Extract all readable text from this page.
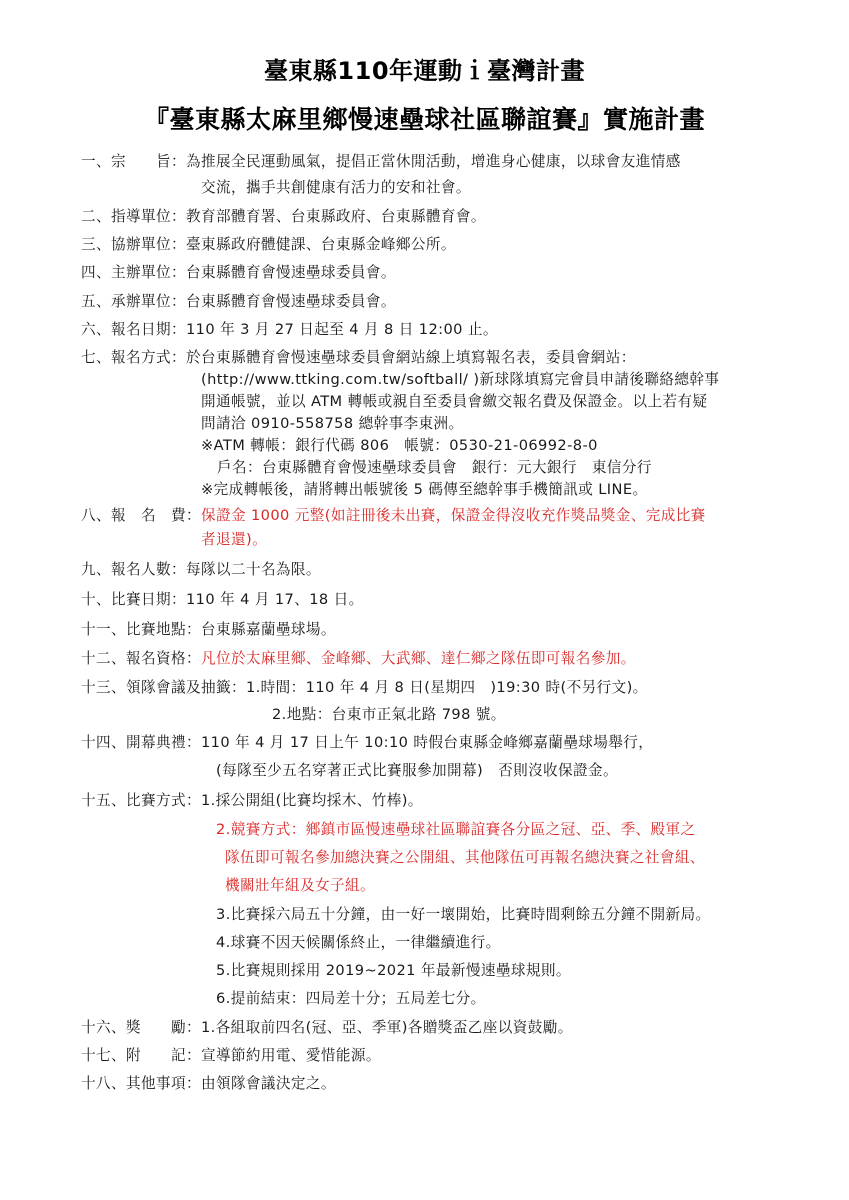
臺東縣110年運動ｉ臺灣計畫
『臺東縣太麻里鄉慢速壘球社區聯誼賽』實施計畫
一、宗　　旨：為推展全民運動風氣，提倡正當休閒活動，增進身心健康，以球會友進情感
交流，攜手共創健康有活力的安和社會。
二、指導單位：教育部體育署、台東縣政府、台東縣體育會。
三、協辦單位：臺東縣政府體健課、台東縣金峰鄉公所。
四、主辦單位：台東縣體育會慢速壘球委員會。
五、承辦單位：台東縣體育會慢速壘球委員會。
六、報名日期：110 年 3 月 27 日起至 4 月 8 日 12:00 止。
七、報名方式：於台東縣體育會慢速壘球委員會網站線上填寫報名表，委員會網站：
(http://www.ttking.com.tw/softball/ )新球隊填寫完會員申請後聯絡總幹事
開通帳號，並以 ATM 轉帳或親自至委員會繳交報名費及保證金。以上若有疑
問請洽 0910-558758 總幹事李東洲。
※ATM 轉帳：銀行代碼 806　帳號：0530-21-06992-8-0
戶名：台東縣體育會慢速壘球委員會　銀行：元大銀行　東信分行
※完成轉帳後，請將轉出帳號後 5 碼傳至總幹事手機簡訊或 LINE。
八、報　名　費：保證金 1000 元整(如註冊後未出賽，保證金得沒收充作獎品獎金、完成比賽
者退還)。
九、報名人數：每隊以二十名為限。
十、比賽日期：110 年 4 月 17、18 日。
十一、比賽地點：台東縣嘉蘭壘球場。
十二、報名資格：凡位於太麻里鄉、金峰鄉、大武鄉、達仁鄉之隊伍即可報名參加。
十三、領隊會議及抽籤：1.時間：110 年 4 月 8 日(星期四　)19:30 時(不另行文)。
2.地點：台東市正氣北路 798 號。
十四、開幕典禮：110 年 4 月 17 日上午 10:10 時假台東縣金峰鄉嘉蘭壘球場舉行，
(每隊至少五名穿著正式比賽服參加開幕)　否則沒收保證金。
十五、比賽方式：1.採公開組(比賽均採木、竹棒)。
2.競賽方式：鄉鎮市區慢速壘球社區聯誼賽各分區之冠、亞、季、殿軍之
隊伍即可報名參加總決賽之公開組、其他隊伍可再報名總決賽之社會組、
機關壯年組及女子組。
3.比賽採六局五十分鐘，由一好一壞開始，比賽時間剩餘五分鐘不開新局。
4.球賽不因天候關係終止，一律繼續進行。
5.比賽規則採用 2019~2021 年最新慢速壘球規則。
6.提前結束：四局差十分；五局差七分。
十六、獎　　勵：1.各組取前四名(冠、亞、季軍)各贈獎盃乙座以資鼓勵。
十七、附　　記：宣導節約用電、愛惜能源。
十八、其他事項：由領隊會議決定之。
